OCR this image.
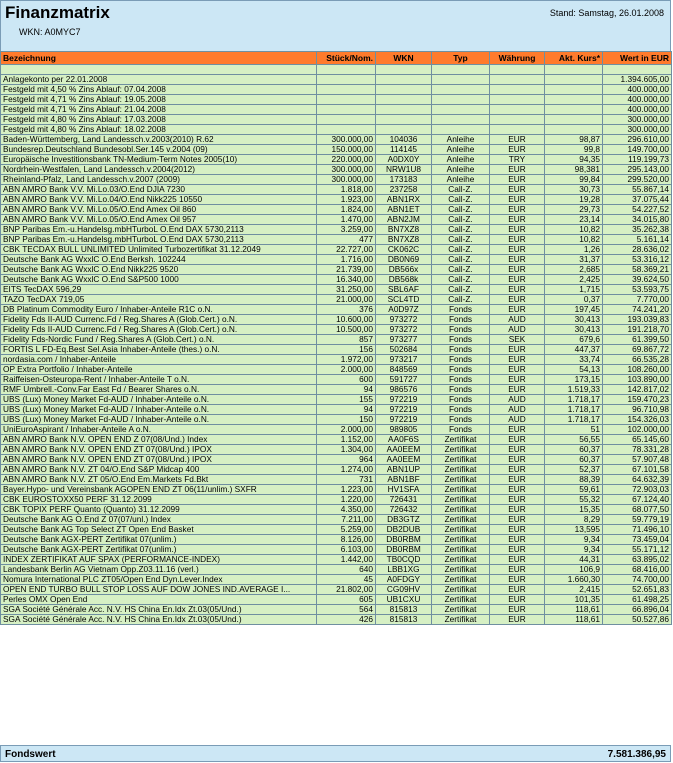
Finanzmatrix	Stand: Samstag, 26.01.2008
WKN: A0MYC7
Bezeichnung	Stück/Nom.	WKN	Typ	Währung	Akt. Kurs*	Wert in EUR

Anlagekonto per 22.01.2008						1.394.605,00
Festgeld mit 4,50 % Zins Ablauf: 07.04.2008						400.000,00
Festgeld mit 4,71 % Zins Ablauf: 19.05.2008						400.000,00
Festgeld mit 4,71 % Zins Ablauf: 21.04.2008						400.000,00
Festgeld mit 4,80 % Zins Ablauf: 17.03.2008						300.000,00
Festgeld mit 4,80 % Zins Ablauf: 18.02.2008						300.000,00
Baden-Württemberg, Land Landessch.v.2003(2010) R.62	300.000,00	104036	Anleihe	EUR	98,87	296.610,00
Bundesrep.Deutschland Bundesobl.Ser.145 v.2004 (09)	150.000,00	114145	Anleihe	EUR	99,8	149.700,00
Europäische Investitionsbank TN-Medium-Term Notes 2005(10)	220.000,00	A0DX0Y	Anleihe	TRY	94,35	119.199,73
Nordrhein-Westfalen, Land Landessch.v.2004(2012)	300.000,00	NRW1U8	Anleihe	EUR	98,381	295.143,00
Rheinland-Pfalz, Land Landessch.v.2007 (2009)	300.000,00	173183	Anleihe	EUR	99,84	299.520,00
ABN AMRO Bank V.V. Mi.Lo.03/O.End DJIA 7230	1.818,00	237258	Call-Z.	EUR	30,73	55.867,14
ABN AMRO Bank V.V. Mi.Lo.04/O.End Nikk225 10550	1.923,00	ABN1RX	Call-Z.	EUR	19,28	37.075,44
ABN AMRO Bank V.V. Mi.Lo.05/O.End Amex Oil 860	1.824,00	ABN1ET	Call-Z.	EUR	29,73	54.227,52
ABN AMRO Bank V.V. Mi.Lo.05/O.End Amex Oil 957	1.470,00	ABN2JM	Call-Z.	EUR	23,14	34.015,80
BNP Paribas Em.-u.Handelsg.mbHTurboL O.End DAX 5730,2113	3.259,00	BN7XZ8	Call-Z.	EUR	10,82	35.262,38
BNP Paribas Em.-u.Handelsg.mbHTurboL O.End DAX 5730,2113	477	BN7XZ8	Call-Z.	EUR	10,82	5.161,14
CBK TECDAX BULL UNLIMITED Unlimited Turbozertifikat 31.12.2049	22.727,00	CK062C	Call-Z.	EUR	1,26	28.636,02
Deutsche Bank AG WxxlC O.End Berksh. 102244	1.716,00	DB0N69	Call-Z.	EUR	31,37	53.316,12
Deutsche Bank AG WxxlC O.End Nikk225 9520	21.739,00	DB566x	Call-Z.	EUR	2,685	58.369,21
Deutsche Bank AG WxxlC O.End S&P500 1000	16.340,00	DB568k	Call-Z.	EUR	2,425	39.624,50
EITS TecDAX 596,29	31.250,00	SBL6AF	Call-Z.	EUR	1,715	53.593,75
TAZO TecDAX 719,05	21.000,00	SCL4TD	Call-Z.	EUR	0,37	7.770,00
DB Platinum Commodity Euro / Inhaber-Anteile R1C o.N.	376	A0D97Z	Fonds	EUR	197,45	74.241,20
Fidelity Fds II-AUD Currenc.Fd / Reg.Shares A (Glob.Cert.) o.N.	10.600,00	973272	Fonds	AUD	30,413	193.039,83
Fidelity Fds II-AUD Currenc.Fd / Reg.Shares A (Glob.Cert.) o.N.	10.500,00	973272	Fonds	AUD	30,413	191.218,70
Fidelity Fds-Nordic Fund / Reg.Shares A (Glob.Cert.) o.N.	857	973277	Fonds	SEK	679,6	61.399,50
FORTIS L FD-Eq.Best Sel.Asia Inhaber-Anteile (thes.) o.N.	156	502684	Fonds	EUR	447,37	69.867,72
nordasia.com / Inhaber-Anteile	1.972,00	973217	Fonds	EUR	33,74	66.535,28
OP Extra Portfolio / Inhaber-Anteile	2.000,00	848569	Fonds	EUR	54,13	108.260,00
Raiffeisen-Osteuropa-Rent / Inhaber-Anteile T o.N.	600	591727	Fonds	EUR	173,15	103.890,00
RMF Umbrell.-Conv.Far East Fd / Bearer Shares o.N.	94	986576	Fonds	EUR	1.519,33	142.817,02
UBS (Lux) Money Market Fd-AUD / Inhaber-Anteile o.N.	155	972219	Fonds	AUD	1.718,17	159.470,23
UBS (Lux) Money Market Fd-AUD / Inhaber-Anteile o.N.	94	972219	Fonds	AUD	1.718,17	96.710,98
UBS (Lux) Money Market Fd-AUD / Inhaber-Anteile o.N.	150	972219	Fonds	AUD	1.718,17	154.326,03
UniEuroAspirant / Inhaber-Anteile A o.N.	2.000,00	989805	Fonds	EUR	51	102.000,00
ABN AMRO Bank N.V. OPEN END Z 07(08/Und.) Index	1.152,00	AA0F6S	Zertifikat	EUR	56,55	65.145,60
ABN AMRO Bank N.V. OPEN END ZT 07(08/Und.) IPOX	1.304,00	AA0EEM	Zertifikat	EUR	60,37	78.331,28
ABN AMRO Bank N.V. OPEN END ZT 07(08/Und.) IPOX	964	AA0EEM	Zertifikat	EUR	60,37	57.907,48
ABN AMRO Bank N.V. ZT 04/O.End S&P Midcap 400	1.274,00	ABN1UP	Zertifikat	EUR	52,37	67.101,58
ABN AMRO Bank N.V. ZT 05/O.End Em.Markets Fd.Bkt	731	ABN1BF	Zertifikat	EUR	88,39	64.632,39
Bayer.Hypo- und Vereinsbank AGOPEN END ZT 06(11/unlim.) SXFR	1.223,00	HV1SFA	Zertifikat	EUR	59,61	72.903,03
CBK EUROSTOXX50 PERF 31.12.2099	1.220,00	726431	Zertifikat	EUR	55,32	67.124,40
CBK TOPIX PERF Quanto (Quanto) 31.12.2099	4.350,00	726432	Zertifikat	EUR	15,35	68.077,50
Deutsche Bank AG O.End Z 07(07/unl.) Index	7.211,00	DB3GTZ	Zertifikat	EUR	8,29	59.779,19
Deutsche Bank AG Top Select ZT Open End Basket	5.259,00	DB2DUB	Zertifikat	EUR	13,595	71.496,10
Deutsche Bank AGX-PERT Zertifikat 07(unlim.)	8.126,00	DB0RBM	Zertifikat	EUR	9,34	73.459,04
Deutsche Bank AGX-PERT Zertifikat 07(unlim.)	6.103,00	DB0RBM	Zertifikat	EUR	9,34	55.171,12
INDEX ZERTIFIKAT AUF SPAX (PERFORMANCE-INDEX)	1.442,00	TB0CQD	Zertifikat	EUR	44,31	63.895,02
Landesbank Berlin AG Vietnam Opp.Z03.11.16 (verl.)	640	LBB1XG	Zertifikat	EUR	106,9	68.416,00
Nomura International PLC ZT05/Open End Dyn.Lever.Index	45	A0FDGY	Zertifikat	EUR	1.660,30	74.700,00
OPEN END TURBO BULL STOP LOSS AUF DOW JONES IND.AVERAGE I...	21.802,00	CG09HV	Zertifikat	EUR	2,415	52.651,83
Perles OMX Open End	605	UB1CXU	Zertifikat	EUR	101,35	61.498,25
SGA Société Générale Acc. N.V. HS China En.Idx Zt.03(05/Und.)	564	815813	Zertifikat	EUR	118,61	66.896,04
SGA Société Générale Acc. N.V. HS China En.Idx Zt.03(05/Und.)	426	815813	Zertifikat	EUR	118,61	50.527,86
Fondswert	7.581.386,95
